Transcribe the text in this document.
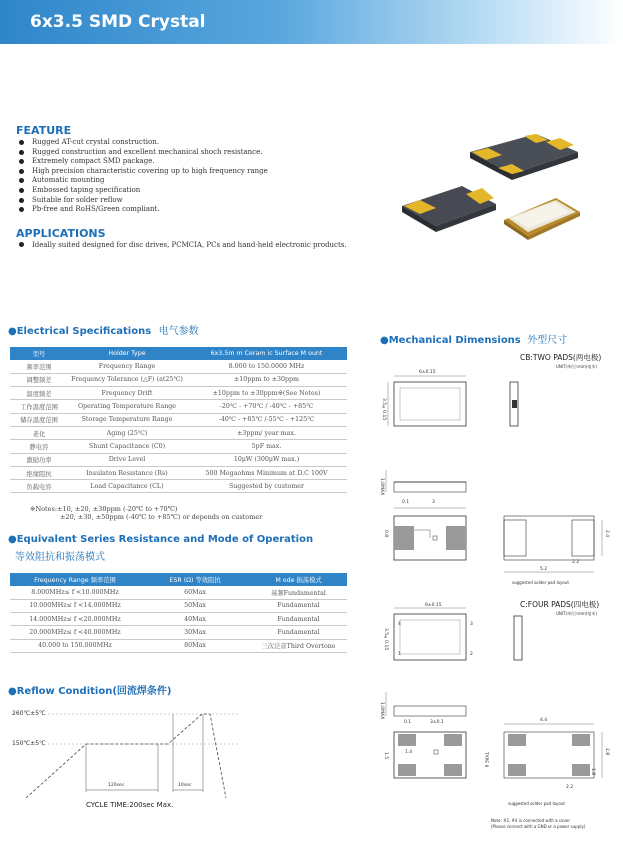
6x3.5 SMD Crystal
FEATURE
Rugged AT-cut crystal construction.
Rugged construction and excellent mechanical shoch resistance.
Extremely compact SMD package.
High precision characteristic covering up to high frequency range
Automatic mounting
Embossed taping specification
Suitable for solder reflow
Pb-free and RoHS/Green compliant.
APPLICATIONS
Ideally suited designed for disc drives, PCMCIA, PCs and hand-held electronic products.
●Electrical Specifications 电气参数
型号	Holder Type	6x3.5m m Ceram ic Surface M ount
频率范围	Frequency Range	8.000 to 150.0000 MHz
调整频差	Frequency Tolerance (△F) (at25℃)	±10ppm to ±30ppm
温度频差	Frequency Drift	±10ppm to ±30ppm※(See Notes)
工作温度范围	Operating Temperature Range	-20℃ - +70℃ / -40℃ - +85℃
储存温度范围	Storage Temperature Range	-40℃ - +85℃ /-55℃ - +125℃
老化	Aging (25℃)	±3ppm/ year max.
静电容	Shunt Capacitance (C0)	5pF max.
激励功率	Drive Level	10μW (300μW max.)
绝缘阻抗	Insulaton Resistance (Rs)	500 Megaohms Minimum at D.C 100V
负载电容	Load Capacitance (CL)	Suggested by customer
※Notes:±10, ±20, ±30ppm (-20℃ to +70℃)
±20, ±30, ±50ppm (-40℃ to +85℃) or depends on customer
●Equivalent Series Resistance and Mode of Operation
等效阻抗和振荡模式
Frequency Range 频率范围	ESR (Ω) 等效阻抗	M ode 振荡模式
8.000MHz≤ f <10.000MHz	60Max	基频Fundamental
10.000MHz≤ f <14.000MHz	50Max	Fundamental
14.000MHz≤ f <20.000MHz	40Max	Fundamental
20.000MHz≤ f <40.000MHz	30Max	Fundamental
40.000 to 150.000MHz	80Max	三次泛音Third Overtone
●Reflow Condition(回流焊条件)
260℃±5℃
150℃±5℃
120sec	10sec
CYCLE TIME:200sec Max.
●Mechanical Dimensions 外型尺寸
CB:TWO PADS(两电极)
UNIT(单位):mm(毫米)
6±0.15
3.5±0.15
1.0MAX
0.1	3
0.8	2.4
2.2
5.2
suggested solder pad layout
C:FOUR PADS(四电极)
UNIT(单位):mm(毫米)
6±0.15
3.5±0.15
4
1
3
2
1.0MAX
0.1	3±0.1
1.4
1.5	TYPE 9
4.4
2.8
1.8
2.2
suggested solder pad layout
Note: #2, #4 is connected with a cover
(Please connect with a GND or a power supply)
